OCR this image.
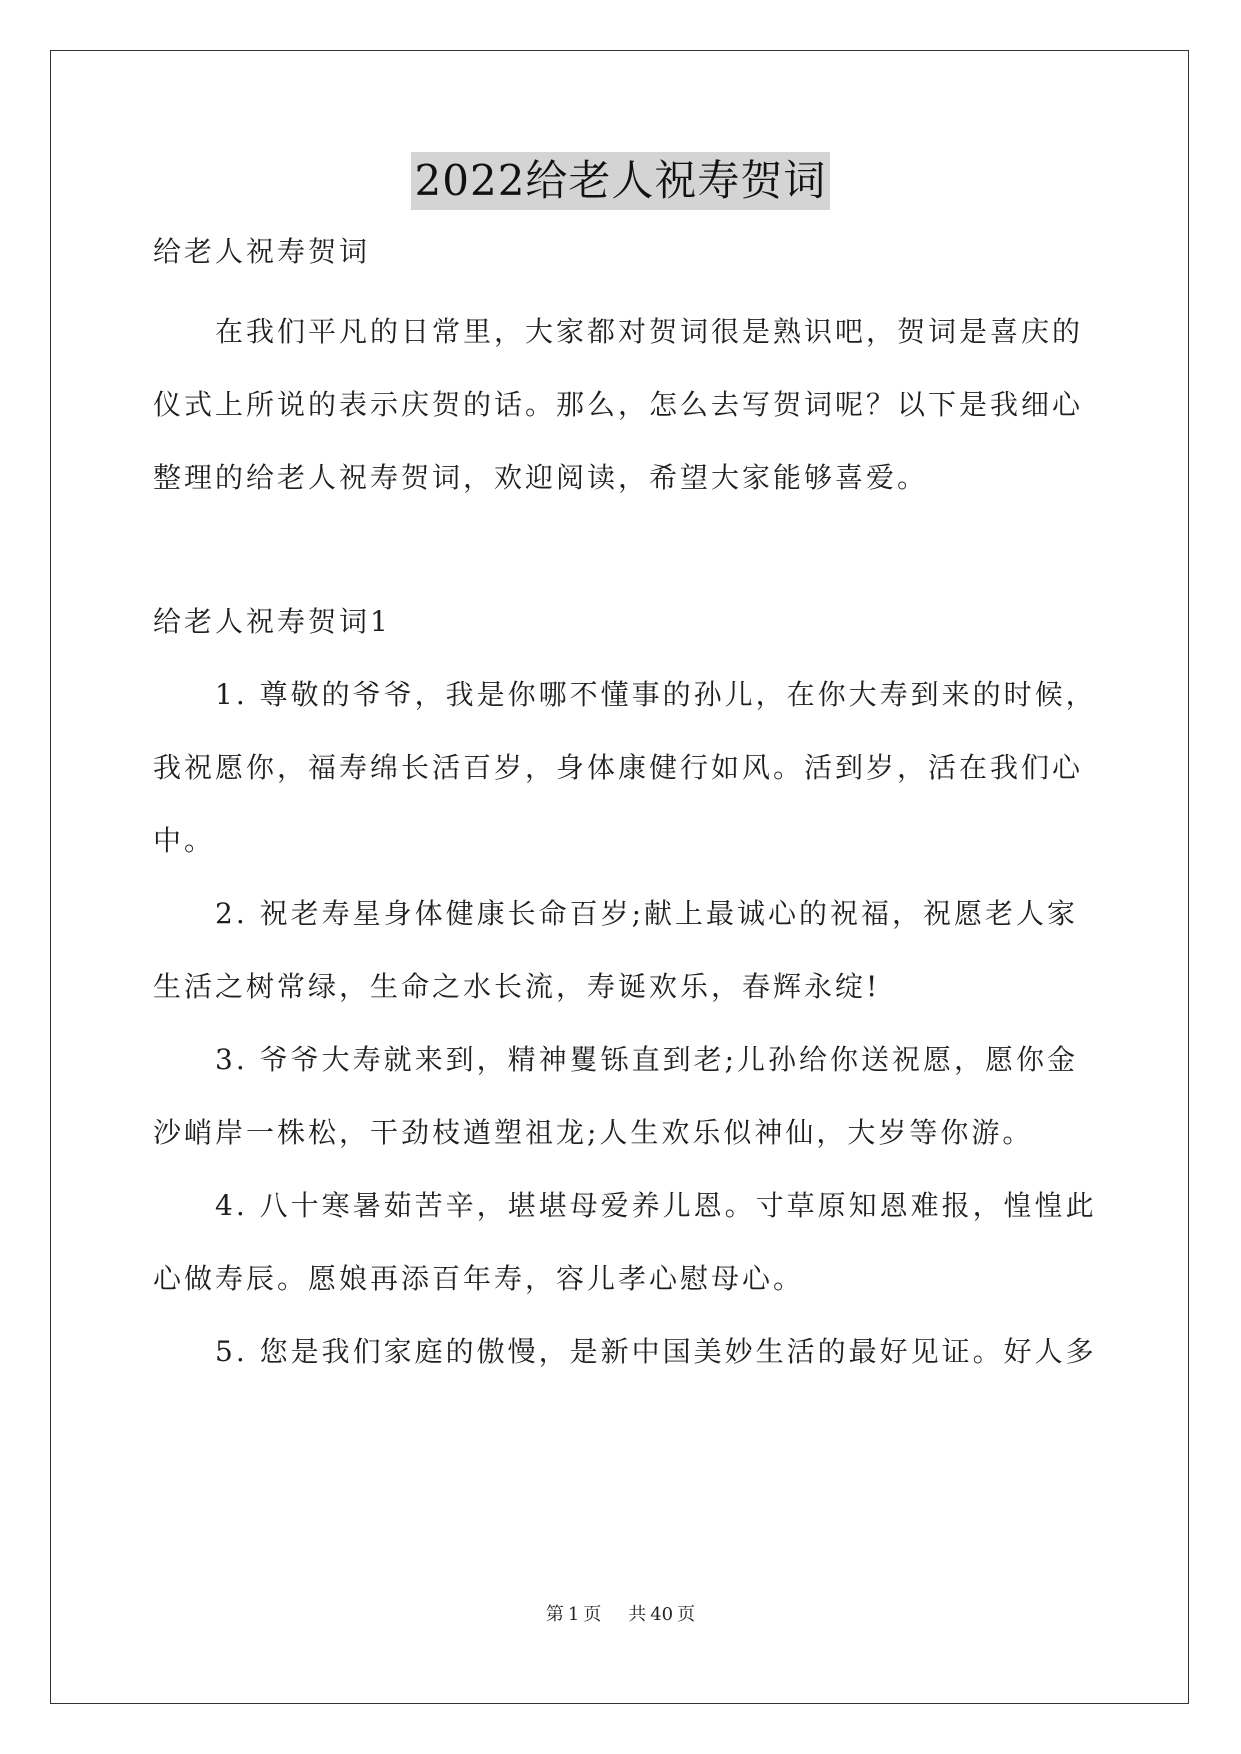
2022给老人祝寿贺词
给老人祝寿贺词
在我们平凡的日常里，大家都对贺词很是熟识吧，贺词是喜庆的
仪式上所说的表示庆贺的话。那么，怎么去写贺词呢？以下是我细心
整理的给老人祝寿贺词，欢迎阅读，希望大家能够喜爱。
给老人祝寿贺词1
1. 尊敬的爷爷，我是你哪不懂事的孙儿，在你大寿到来的时候，
我祝愿你，福寿绵长活百岁，身体康健行如风。活到岁，活在我们心
中。
2. 祝老寿星身体健康长命百岁;献上最诚心的祝福，祝愿老人家
生活之树常绿，生命之水长流，寿诞欢乐，春辉永绽!
3. 爷爷大寿就来到，精神矍铄直到老;儿孙给你送祝愿，愿你金
沙峭岸一株松，干劲枝遒塑祖龙;人生欢乐似神仙，大岁等你游。
4. 八十寒暑茹苦辛，堪堪母爱养儿恩。寸草原知恩难报，惶惶此
心做寿辰。愿娘再添百年寿，容儿孝心慰母心。
5. 您是我们家庭的傲慢，是新中国美妙生活的最好见证。好人多
第 1 页 共 40 页
